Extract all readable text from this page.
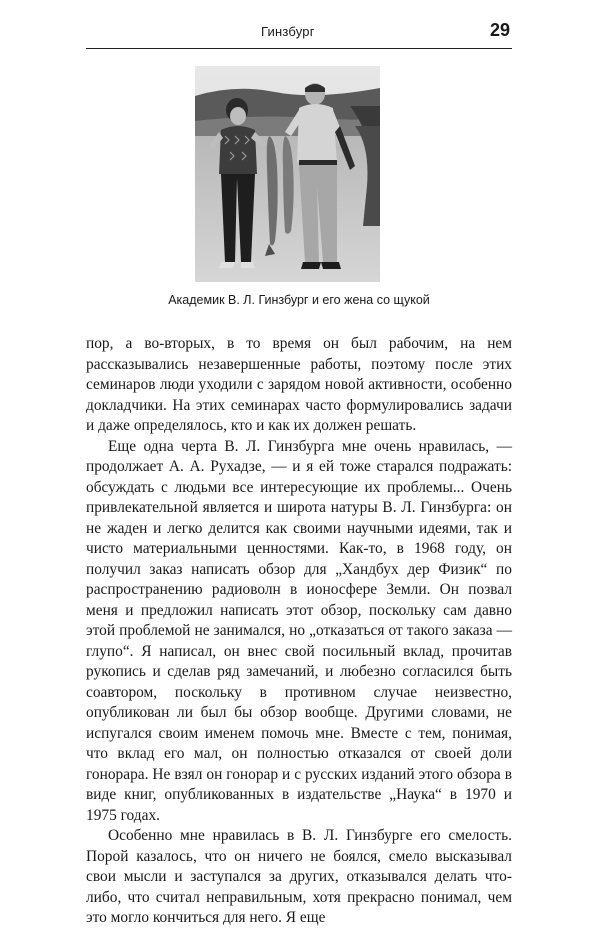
Гинзбург	29
Академик В. Л. Гинзбург и его жена со щукой

пор, а во-вторых, в то время он был рабочим, на нем рассказывались незавершенные работы, поэтому после этих семинаров люди уходили с зарядом новой активности, особенно докладчики. На этих семинарах часто формулировались задачи и даже определялось, кто и как их должен решать.

Еще одна черта В. Л. Гинзбурга мне очень нравилась, — продолжает А. А. Рухадзе, — и я ей тоже старался подражать: обсуждать с людьми все интересующие их проблемы... Очень привлекательной является и широта натуры В. Л. Гинзбурга: он не жаден и легко делится как своими научными идеями, так и чисто материальными ценностями. Как-то, в 1968 году, он получил заказ написать обзор для „Хандбух дер Физик“ по распространению радиоволн в ионосфере Земли. Он позвал меня и предложил написать этот обзор, поскольку сам давно этой проблемой не занимался, но „отказаться от такого заказа — глупо“. Я написал, он внес свой посильный вклад, прочитав рукопись и сделав ряд замечаний, и любезно согласился быть соавтором, поскольку в противном случае неизвестно, опубликован ли был бы обзор вообще. Другими словами, не испугался своим именем помочь мне. Вместе с тем, понимая, что вклад его мал, он полностью отказался от своей доли гонорара. Не взял он гонорар и с русских изданий этого обзора в виде книг, опубликованных в издательстве „Наука“ в 1970 и 1975 годах.

Особенно мне нравилась в В. Л. Гинзбурге его смелость. Порой казалось, что он ничего не боялся, смело высказывал свои мысли и заступался за других, отказывался делать что-либо, что считал неправильным, хотя прекрасно понимал, чем это могло кончиться для него. Я еще
